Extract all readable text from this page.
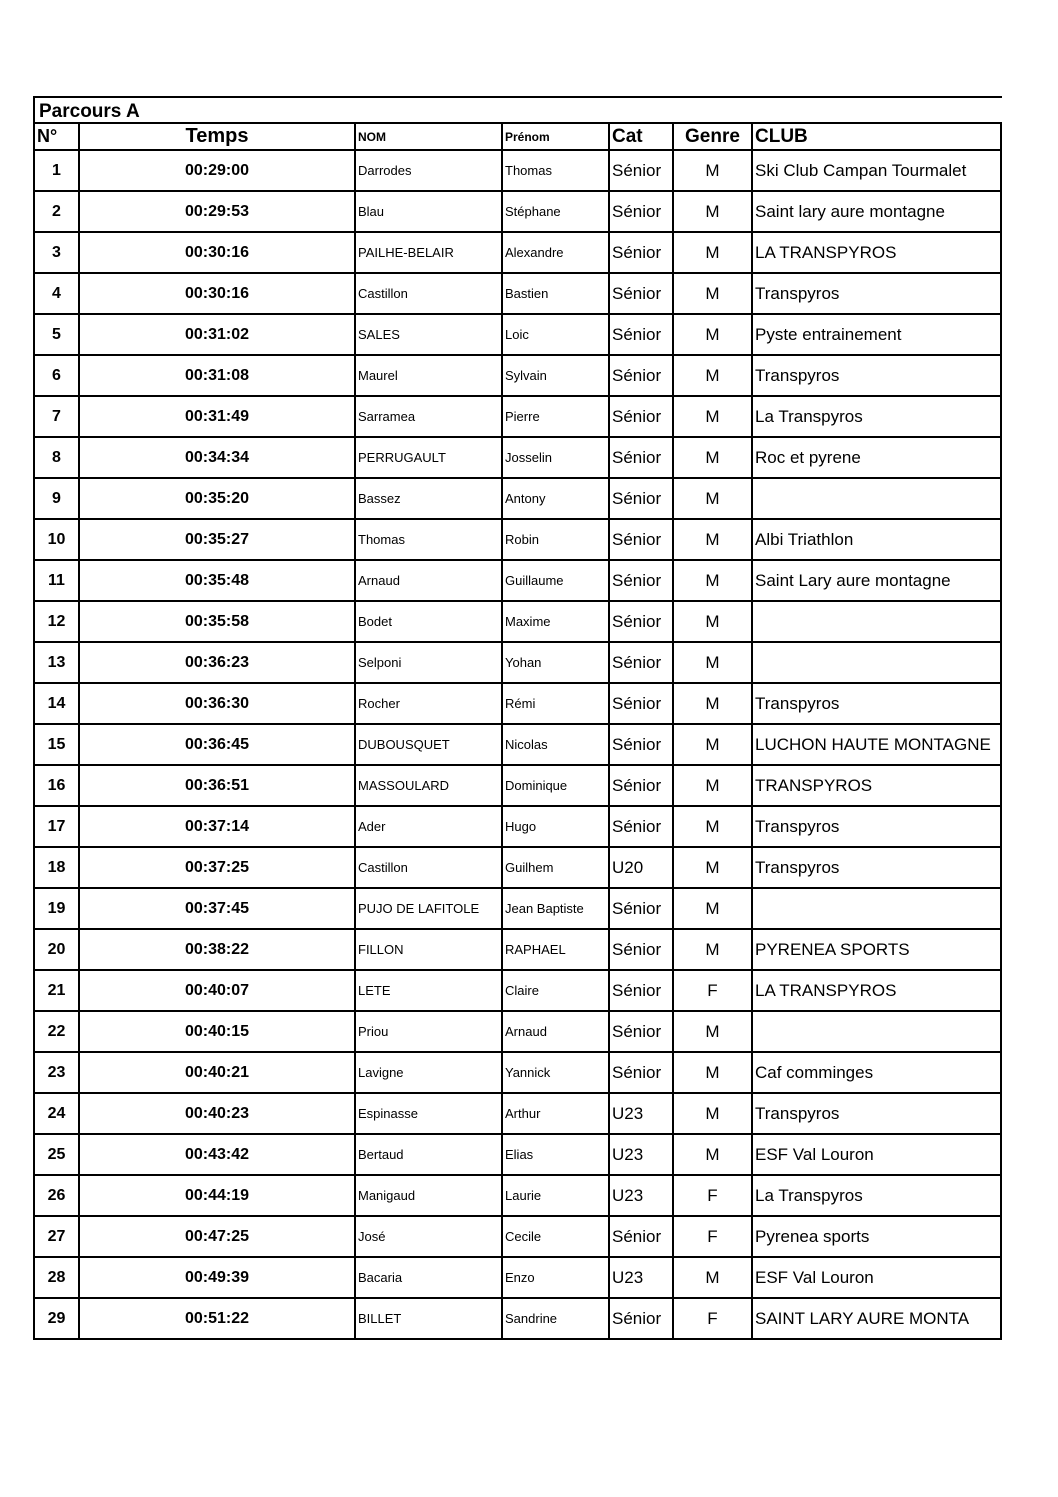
Parcours A
N°	Temps	NOM	Prénom	Cat	Genre	CLUB
1	00:29:00	Darrodes	Thomas	Sénior	M	Ski Club Campan Tourmalet
2	00:29:53	Blau	Stéphane	Sénior	M	Saint lary aure montagne
3	00:30:16	PAILHE-BELAIR	Alexandre	Sénior	M	LA TRANSPYROS
4	00:30:16	Castillon	Bastien	Sénior	M	Transpyros
5	00:31:02	SALES	Loic	Sénior	M	Pyste entrainement
6	00:31:08	Maurel	Sylvain	Sénior	M	Transpyros
7	00:31:49	Sarramea	Pierre	Sénior	M	La Transpyros
8	00:34:34	PERRUGAULT	Josselin	Sénior	M	Roc et pyrene
9	00:35:20	Bassez	Antony	Sénior	M	
10	00:35:27	Thomas	Robin	Sénior	M	Albi Triathlon
11	00:35:48	Arnaud	Guillaume	Sénior	M	Saint Lary aure montagne
12	00:35:58	Bodet	Maxime	Sénior	M	
13	00:36:23	Selponi	Yohan	Sénior	M	
14	00:36:30	Rocher	Rémi	Sénior	M	Transpyros
15	00:36:45	DUBOUSQUET	Nicolas	Sénior	M	LUCHON HAUTE MONTAGNE
16	00:36:51	MASSOULARD	Dominique	Sénior	M	TRANSPYROS
17	00:37:14	Ader	Hugo	Sénior	M	Transpyros
18	00:37:25	Castillon	Guilhem	U20	M	Transpyros
19	00:37:45	PUJO DE LAFITOLE	Jean Baptiste	Sénior	M	
20	00:38:22	FILLON	RAPHAEL	Sénior	M	PYRENEA SPORTS
21	00:40:07	LETE	Claire	Sénior	F	LA TRANSPYROS
22	00:40:15	Priou	Arnaud	Sénior	M	
23	00:40:21	Lavigne	Yannick	Sénior	M	Caf comminges
24	00:40:23	Espinasse	Arthur	U23	M	Transpyros
25	00:43:42	Bertaud	Elias	U23	M	ESF Val Louron
26	00:44:19	Manigaud	Laurie	U23	F	La Transpyros
27	00:47:25	José	Cecile	Sénior	F	Pyrenea sports
28	00:49:39	Bacaria	Enzo	U23	M	ESF Val Louron
29	00:51:22	BILLET	Sandrine	Sénior	F	SAINT LARY AURE MONTA
